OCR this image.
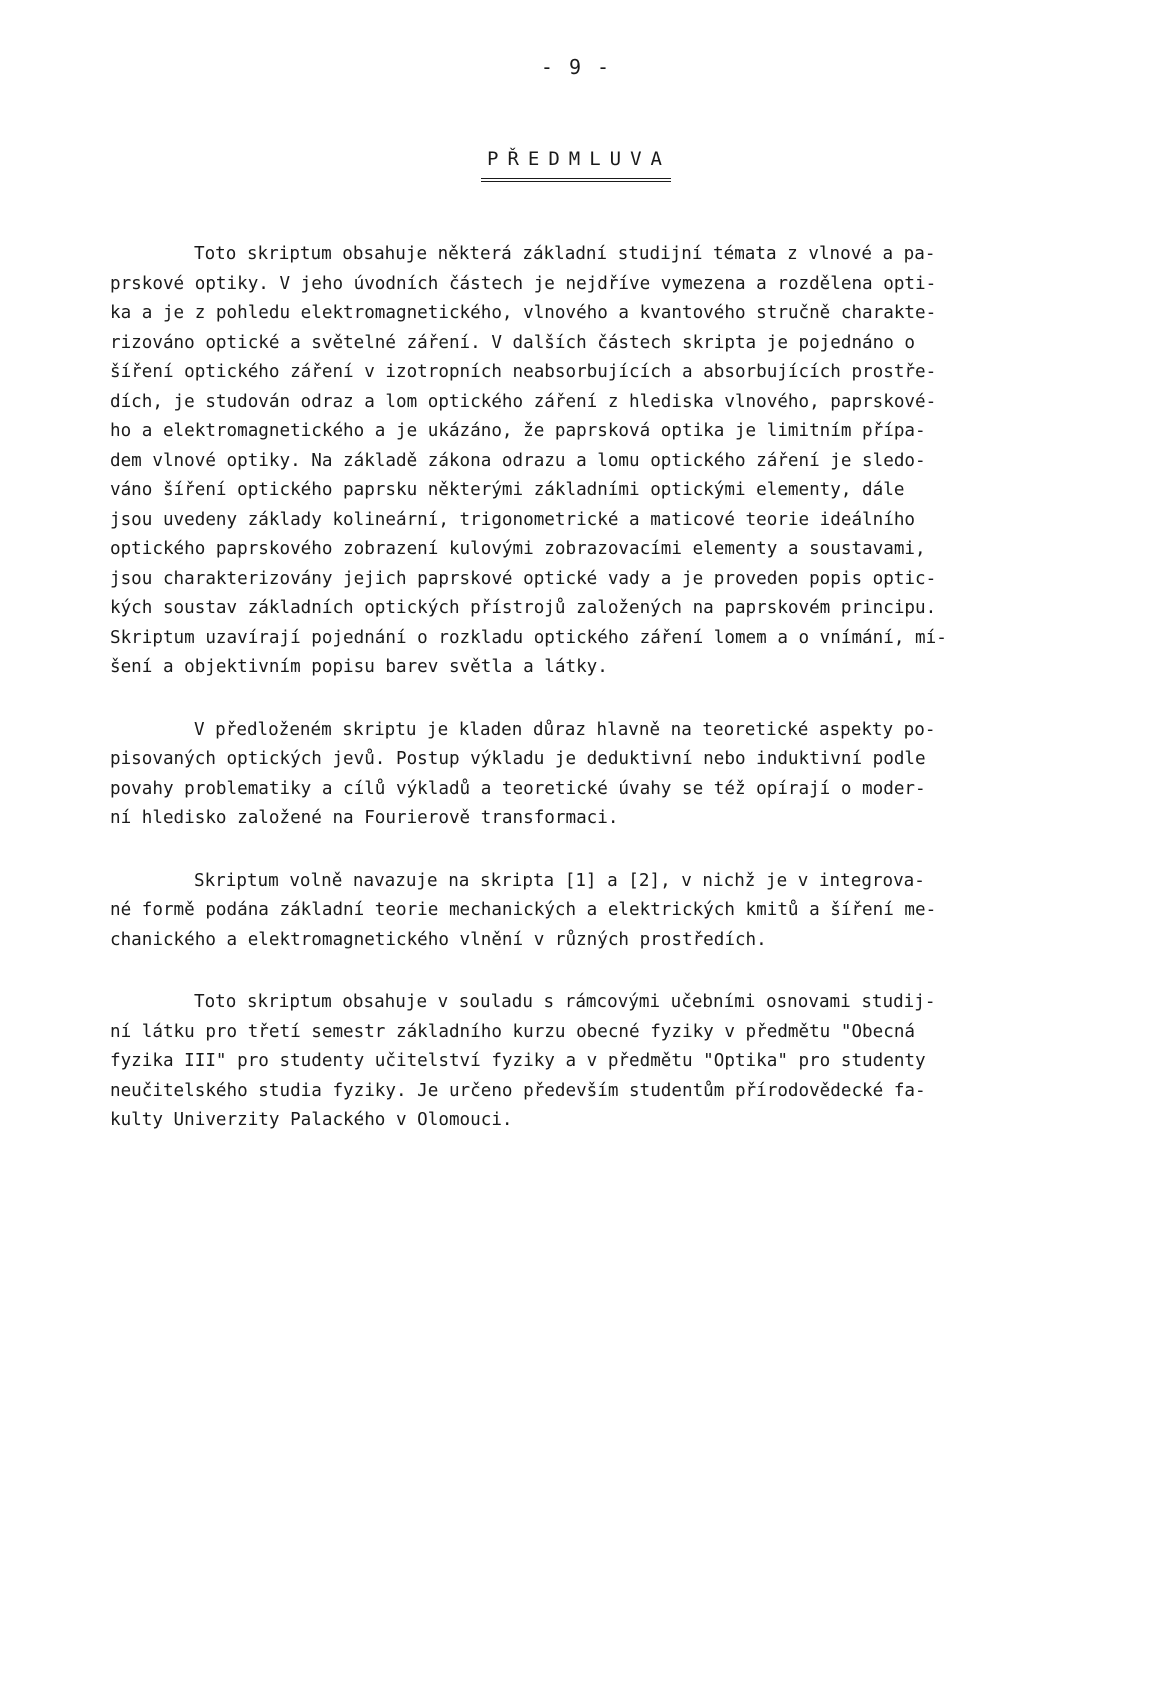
- 9 -
PŘEDMLUVA
Toto skriptum obsahuje některá základní studijní témata z vlnové a pa-
prskové optiky. V jeho úvodních částech je nejdříve vymezena a rozdělena opti-
ka a je z pohledu elektromagnetického, vlnového a kvantového stručně charakte-
rizováno optické a světelné záření. V dalších částech skripta je pojednáno o
šíření optického záření v izotropních neabsorbujících a absorbujících prostře-
dích, je studován odraz a lom optického záření z hlediska vlnového, paprskové-
ho a elektromagnetického a je ukázáno, že paprsková optika je limitním přípa-
dem vlnové optiky. Na základě zákona odrazu a lomu optického záření je sledo-
váno šíření optického paprsku některými základními optickými elementy, dále
jsou uvedeny základy kolineární, trigonometrické a maticové teorie ideálního
optického paprskového zobrazení kulovými zobrazovacími elementy a soustavami,
jsou charakterizovány jejich paprskové optické vady a je proveden popis optic-
kých soustav základních optických přístrojů založených na paprskovém principu.
Skriptum uzavírají pojednání o rozkladu optického záření lomem a o vnímání, mí-
šení a objektivním popisu barev světla a látky.
V předloženém skriptu je kladen důraz hlavně na teoretické aspekty po-
pisovaných optických jevů. Postup výkladu je deduktivní nebo induktivní podle
povahy problematiky a cílů výkladů a teoretické úvahy se též opírají o moder-
ní hledisko založené na Fourierově transformaci.
Skriptum volně navazuje na skripta [1] a [2], v nichž je v integrova-
né formě podána základní teorie mechanických a elektrických kmitů a šíření me-
chanického a elektromagnetického vlnění v různých prostředích.
Toto skriptum obsahuje v souladu s rámcovými učebními osnovami studij-
ní látku pro třetí semestr základního kurzu obecné fyziky v předmětu "Obecná
fyzika III" pro studenty učitelství fyziky a v předmětu "Optika" pro studenty
neučitelského studia fyziky. Je určeno především studentům přírodovědecké fa-
kulty Univerzity Palackého v Olomouci.
